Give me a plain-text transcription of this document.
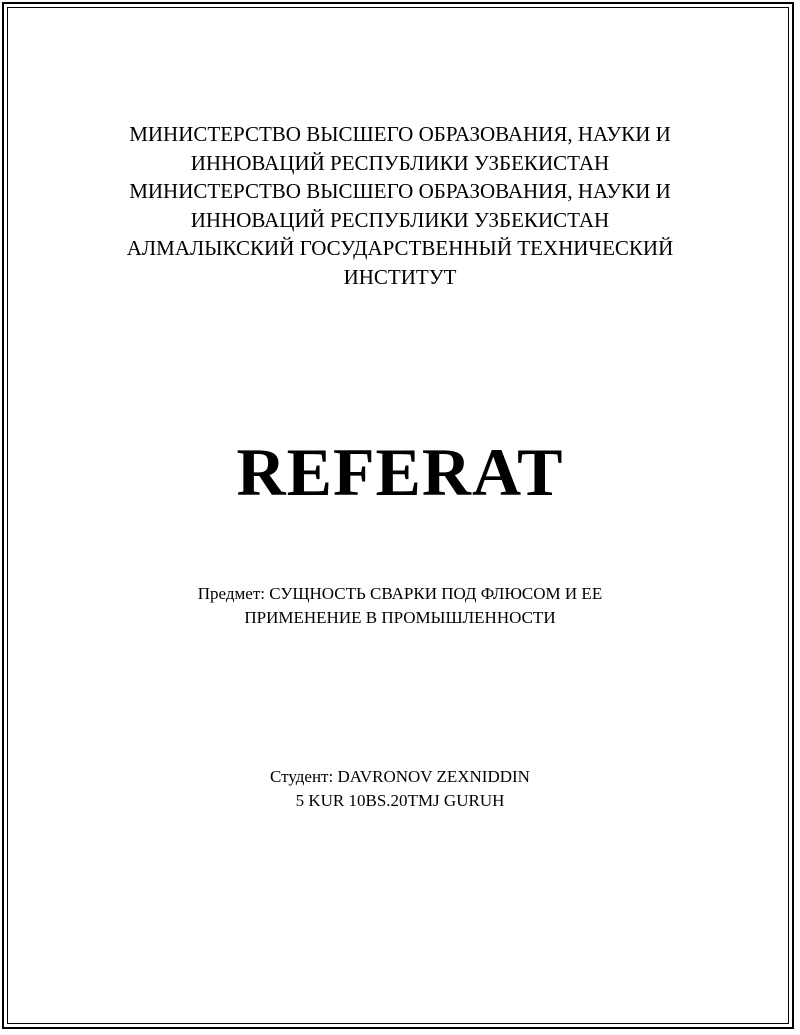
МИНИСТЕРСТВО ВЫСШЕГО ОБРАЗОВАНИЯ, НАУКИ И
ИННОВАЦИЙ РЕСПУБЛИКИ УЗБЕКИСТАН
МИНИСТЕРСТВО ВЫСШЕГО ОБРАЗОВАНИЯ, НАУКИ И
ИННОВАЦИЙ РЕСПУБЛИКИ УЗБЕКИСТАН
АЛМАЛЫКСКИЙ ГОСУДАРСТВЕННЫЙ ТЕХНИЧЕСКИЙ
ИНСТИТУТ
REFERAT
Предмет: СУЩНОСТЬ СВАРКИ ПОД ФЛЮСОМ И ЕЕ
ПРИМЕНЕНИЕ В ПРОМЫШЛЕННОСТИ
Студент: DAVRONOV ZEXNIDDIN
5 KUR 10BS.20TMJ GURUH
